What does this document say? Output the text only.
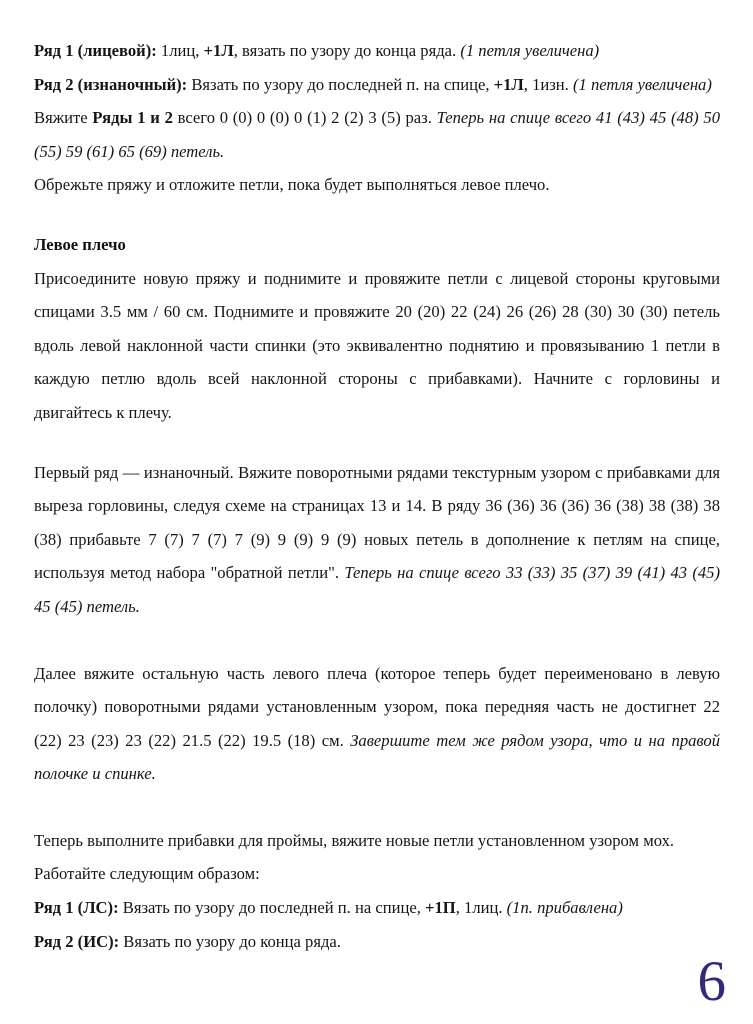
Ряд 1 (лицевой): 1лиц, +1Л, вязать по узору до конца ряда. (1 петля увеличена)

Ряд 2 (изнаночный): Вязать по узору до последней п. на спице, +1Л, 1изн. (1 петля увеличена)

Вяжите Ряды 1 и 2 всего 0 (0) 0 (0) 0 (1) 2 (2) 3 (5) раз. Теперь на спице всего 41 (43) 45 (48) 50 (55) 59 (61) 65 (69) петель.

Обрежьте пряжу и отложите петли, пока будет выполняться левое плечо.

Левое плечо

Присоедините новую пряжу и поднимите и провяжите петли с лицевой стороны круговыми спицами 3.5 мм / 60 см. Поднимите и провяжите 20 (20) 22 (24) 26 (26) 28 (30) 30 (30) петель вдоль левой наклонной части спинки (это эквивалентно поднятию и провязыванию 1 петли в каждую петлю вдоль всей наклонной стороны с прибавками). Начните с горловины и двигайтесь к плечу.

Первый ряд — изнаночный. Вяжите поворотными рядами текстурным узором с прибавками для выреза горловины, следуя схеме на страницах 13 и 14. В ряду 36 (36) 36 (36) 36 (38) 38 (38) 38 (38) прибавьте 7 (7) 7 (7) 7 (9) 9 (9) 9 (9) новых петель в дополнение к петлям на спице, используя метод набора "обратной петли". Теперь на спице всего 33 (33) 35 (37) 39 (41) 43 (45) 45 (45) петель.

Далее вяжите остальную часть левого плеча (которое теперь будет переименовано в левую полочку) поворотными рядами установленным узором, пока передняя часть не достигнет 22 (22) 23 (23) 23 (22) 21.5 (22) 19.5 (18) см. Завершите тем же рядом узора, что и на правой полочке и спинке.

Теперь выполните прибавки для проймы, вяжите новые петли установленном узором мох. Работайте следующим образом:

Ряд 1 (ЛС): Вязать по узору до последней п. на спице, +1П, 1лиц. (1п. прибавлена)

Ряд 2 (ИС): Вязать по узору до конца ряда.

6
